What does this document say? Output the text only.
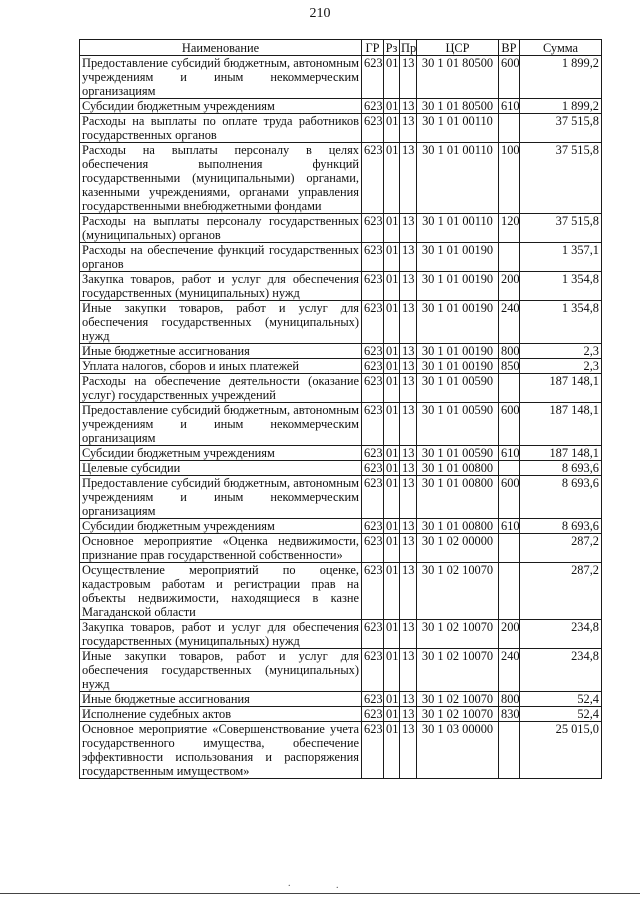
210
Наименование	ГР	Рз	Пр	ЦСР	ВР	Сумма
Предоставление субсидий бюджетным, автономным учреждениям и иным некоммерческим организациям	623	01	13	30 1 01 80500	600	1 899,2
Субсидии бюджетным учреждениям	623	01	13	30 1 01 80500	610	1 899,2
Расходы на выплаты по оплате труда работников государственных органов	623	01	13	30 1 01 00110		37 515,8
Расходы на выплаты персоналу в целях обеспечения выполнения функций государственными (муниципальными) органами, казенными учреждениями, органами управления государственными внебюджетными фондами	623	01	13	30 1 01 00110	100	37 515,8
Расходы на выплаты персоналу государственных (муниципальных) органов	623	01	13	30 1 01 00110	120	37 515,8
Расходы на обеспечение функций государственных органов	623	01	13	30 1 01 00190		1 357,1
Закупка товаров, работ и услуг для обеспечения государственных (муниципальных) нужд	623	01	13	30 1 01 00190	200	1 354,8
Иные закупки товаров, работ и услуг для обеспечения государственных (муниципальных) нужд	623	01	13	30 1 01 00190	240	1 354,8
Иные бюджетные ассигнования	623	01	13	30 1 01 00190	800	2,3
Уплата налогов, сборов и иных платежей	623	01	13	30 1 01 00190	850	2,3
Расходы на обеспечение деятельности (оказание услуг) государственных учреждений	623	01	13	30 1 01 00590		187 148,1
Предоставление субсидий бюджетным, автономным учреждениям и иным некоммерческим организациям	623	01	13	30 1 01 00590	600	187 148,1
Субсидии бюджетным учреждениям	623	01	13	30 1 01 00590	610	187 148,1
Целевые субсидии	623	01	13	30 1 01 00800		8 693,6
Предоставление субсидий бюджетным, автономным учреждениям и иным некоммерческим организациям	623	01	13	30 1 01 00800	600	8 693,6
Субсидии бюджетным учреждениям	623	01	13	30 1 01 00800	610	8 693,6
Основное мероприятие «Оценка недвижимости, признание прав государственной собственности»	623	01	13	30 1 02 00000		287,2
Осуществление мероприятий по оценке, кадастровым работам и регистрации прав на объекты недвижимости, находящиеся в казне Магаданской области	623	01	13	30 1 02 10070		287,2
Закупка товаров, работ и услуг для обеспечения государственных (муниципальных) нужд	623	01	13	30 1 02 10070	200	234,8
Иные закупки товаров, работ и услуг для обеспечения государственных (муниципальных) нужд	623	01	13	30 1 02 10070	240	234,8
Иные бюджетные ассигнования	623	01	13	30 1 02 10070	800	52,4
Исполнение судебных актов	623	01	13	30 1 02 10070	830	52,4
Основное мероприятие «Совершенствование учета государственного имущества, обеспечение эффективности использования и распоряжения государственным имуществом»	623	01	13	30 1 03 00000		25 015,0
.	.
